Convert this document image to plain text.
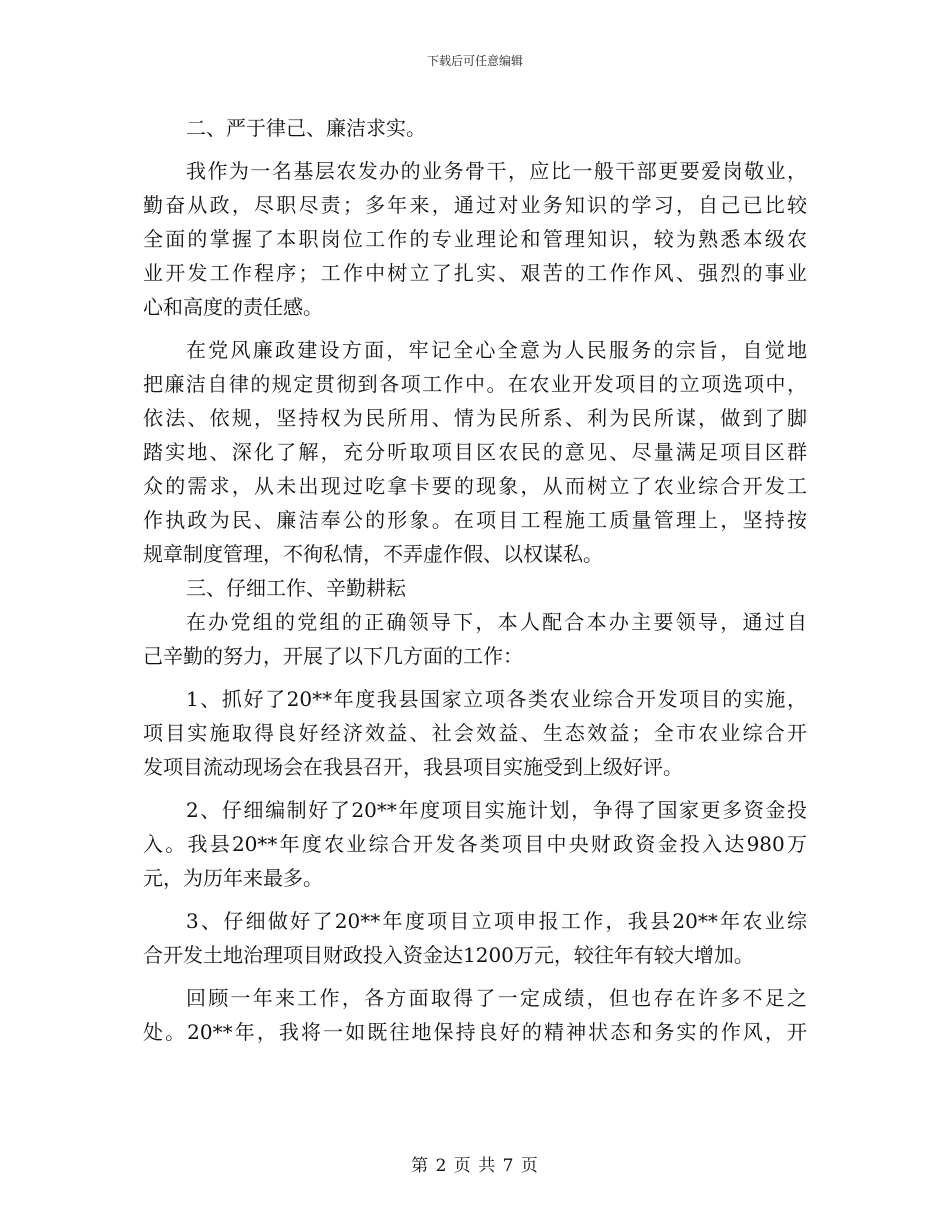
下载后可任意编辑
二、严于律己、廉洁求实。
我作为一名基层农发办的业务骨干，应比一般干部更要爱岗敬业，
勤奋从政，尽职尽责；多年来，通过对业务知识的学习，自己已比较
全面的掌握了本职岗位工作的专业理论和管理知识，较为熟悉本级农
业开发工作程序；工作中树立了扎实、艰苦的工作作风、强烈的事业
心和高度的责任感。
在党风廉政建设方面，牢记全心全意为人民服务的宗旨，自觉地
把廉洁自律的规定贯彻到各项工作中。在农业开发项目的立项选项中，
依法、依规，坚持权为民所用、情为民所系、利为民所谋，做到了脚
踏实地、深化了解，充分听取项目区农民的意见、尽量满足项目区群
众的需求，从未出现过吃拿卡要的现象，从而树立了农业综合开发工
作执政为民、廉洁奉公的形象。在项目工程施工质量管理上，坚持按
规章制度管理，不徇私情，不弄虚作假、以权谋私。
三、仔细工作、辛勤耕耘
在办党组的党组的正确领导下，本人配合本办主要领导，通过自
己辛勤的努力，开展了以下几方面的工作：
1、抓好了20**年度我县国家立项各类农业综合开发项目的实施，
项目实施取得良好经济效益、社会效益、生态效益；全市农业综合开
发项目流动现场会在我县召开，我县项目实施受到上级好评。
2、仔细编制好了20**年度项目实施计划，争得了国家更多资金投
入。我县20**年度农业综合开发各类项目中央财政资金投入达980万
元，为历年来最多。
3、仔细做好了20**年度项目立项申报工作，我县20**年农业综
合开发土地治理项目财政投入资金达1200万元，较往年有较大增加。
回顾一年来工作，各方面取得了一定成绩，但也存在许多不足之
处。20**年，我将一如既往地保持良好的精神状态和务实的作风，开
第 2 页 共 7 页
